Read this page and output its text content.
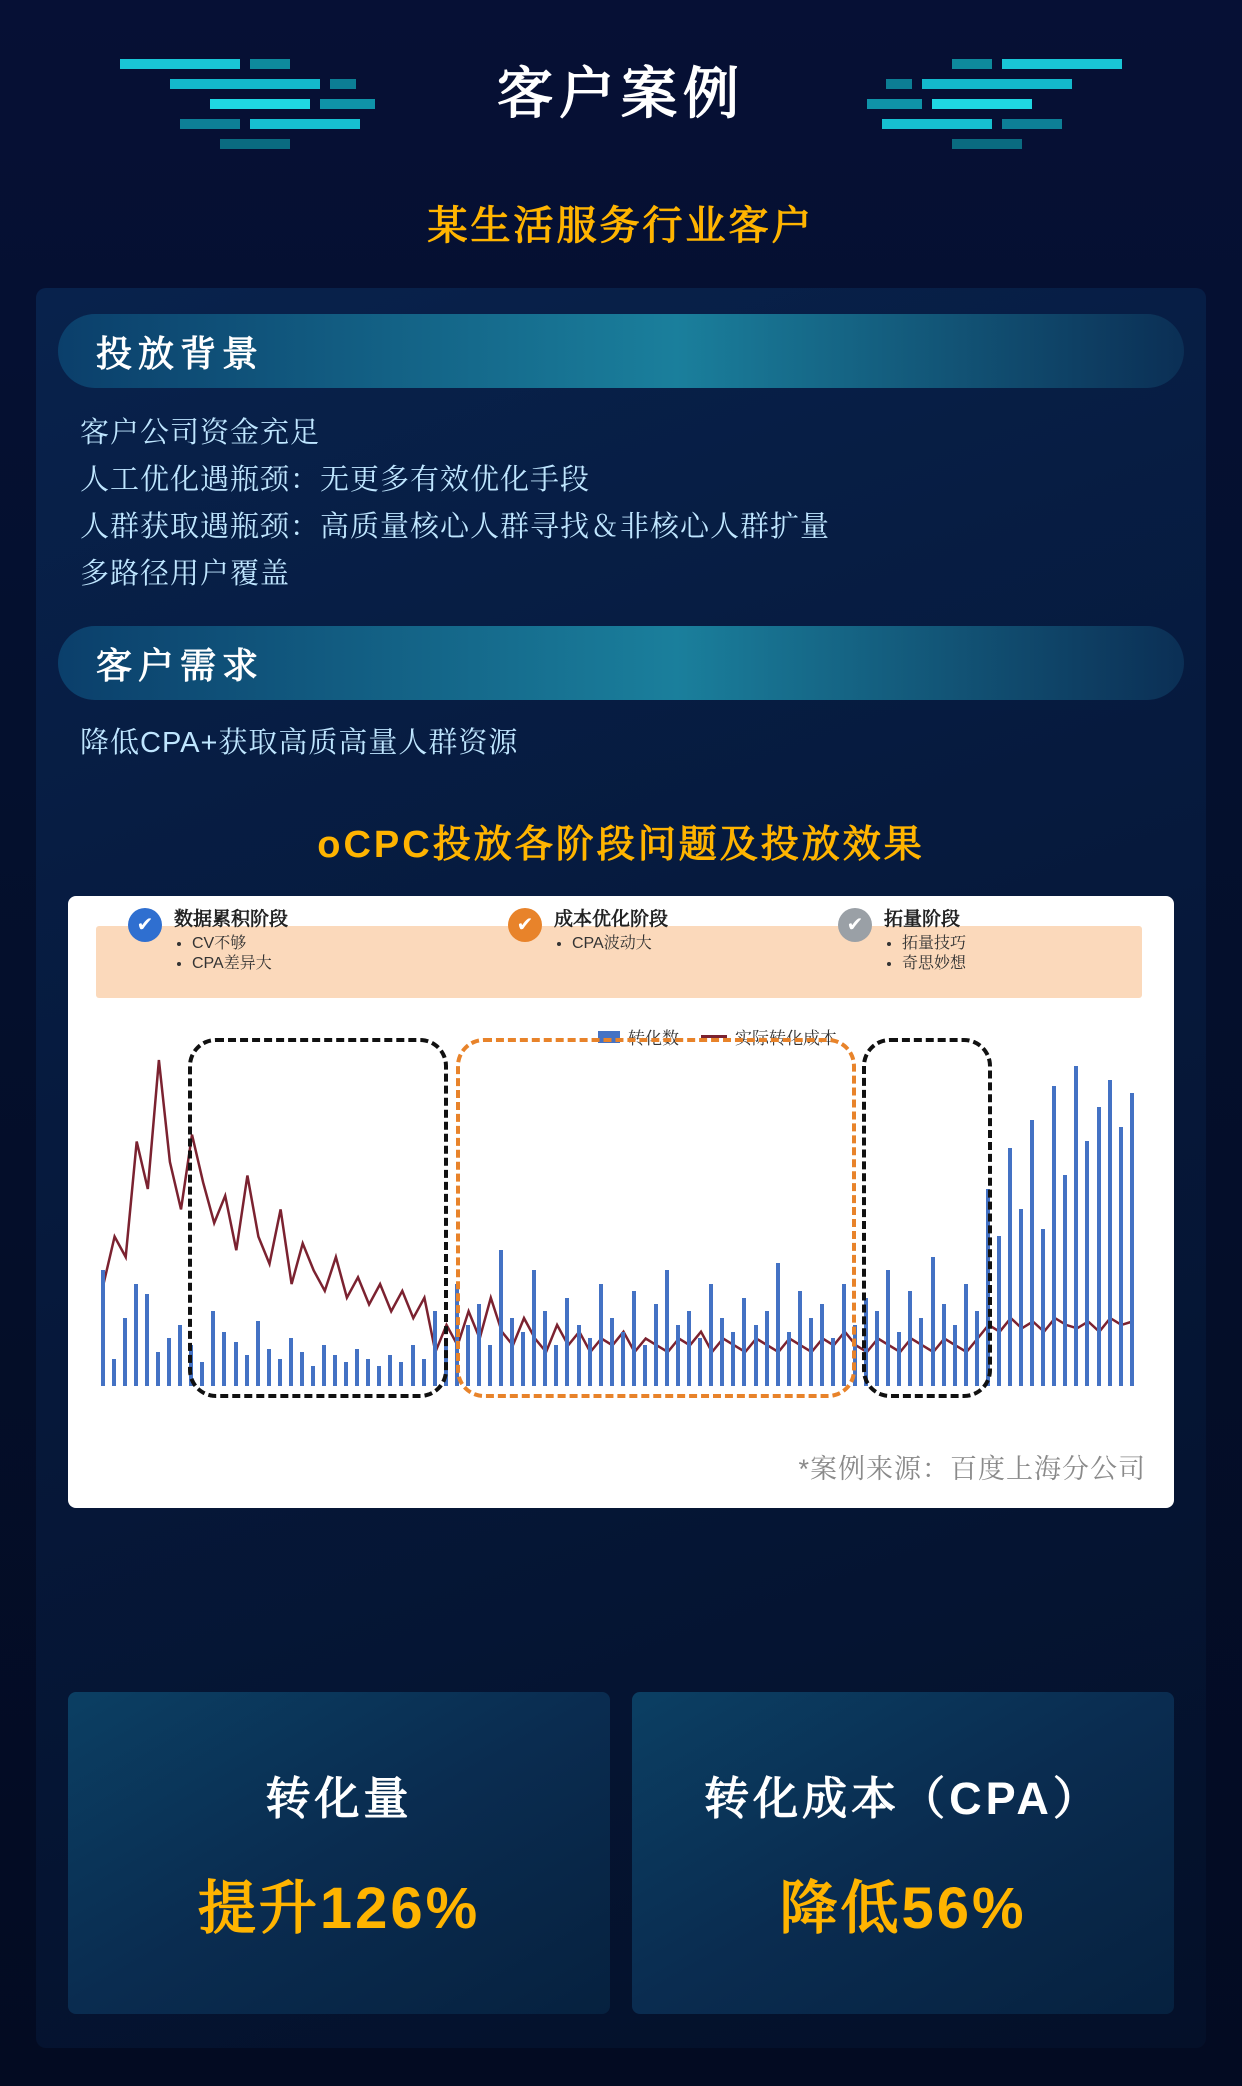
客户案例
某生活服务行业客户
投放背景
客户公司资金充足
人工优化遇瓶颈：无更多有效优化手段
人群获取遇瓶颈：高质量核心人群寻找＆非核心人群扩量
多路径用户覆盖
客户需求
降低CPA+获取高质高量人群资源
oCPC投放各阶段问题及投放效果
✔	数据累积阶段
• CV不够
• CPA差异大
✔	成本优化阶段
• CPA波动大
✔	拓量阶段
• 拓量技巧
• 奇思妙想
转化数	实际转化成本
*案例来源：百度上海分公司
转化量
提升126%
转化成本（CPA）
降低56%
